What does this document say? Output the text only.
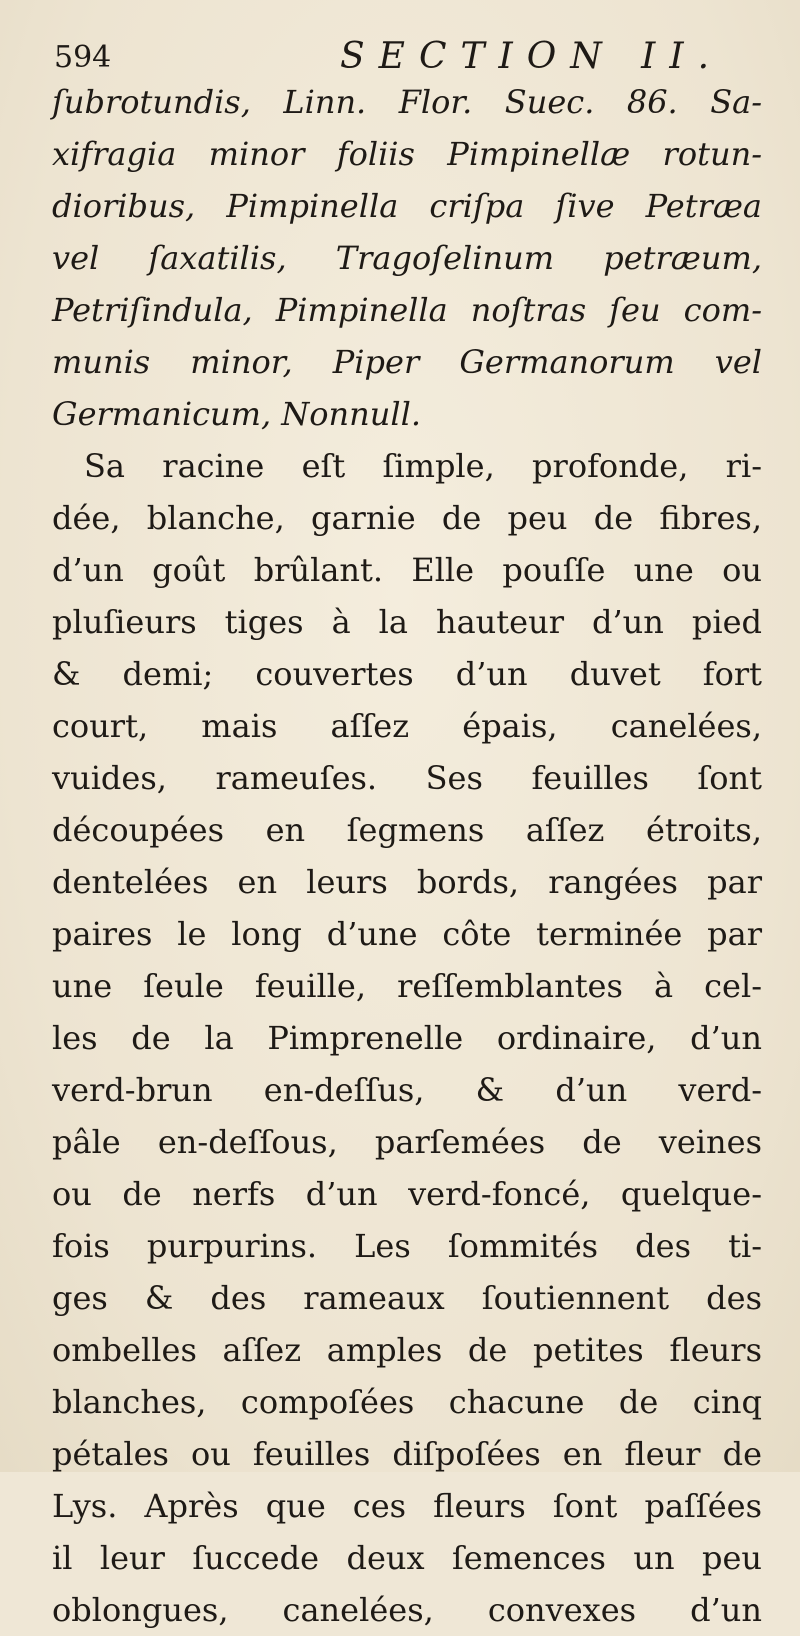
594	SECTION II.
ſubrotundis, Linn. Flor. Suec. 86. Sa-
xifragia minor foliis Pimpinellæ rotun-
dioribus, Pimpinella criſpa ſive Petræa
vel ſaxatilis, Tragoſelinum petræum,
Petriſindula, Pimpinella noſtras ſeu com-
munis minor, Piper Germanorum vel
Germanicum, Nonnull.
Sa racine eſt ſimple, profonde, ri-
dée, blanche, garnie de peu de fibres,
d’un goût brûlant. Elle pouſſe une ou
pluſieurs tiges à la hauteur d’un pied
& demi; couvertes d’un duvet fort
court, mais aſſez épais, canelées,
vuides, rameuſes. Ses feuilles ſont
découpées en ſegmens aſſez étroits,
dentelées en leurs bords, rangées par
paires le long d’une côte terminée par
une ſeule feuille, reſſemblantes à cel-
les de la Pimprenelle ordinaire, d’un
verd-brun en-deſſus, & d’un verd-
pâle en-deſſous, parſemées de veines
ou de nerfs d’un verd-foncé, quelque-
fois purpurins. Les ſommités des ti-
ges & des rameaux ſoutiennent des
ombelles aſſez amples de petites fleurs
blanches, compoſées chacune de cinq
pétales ou feuilles diſpoſées en fleur de
Lys. Après que ces fleurs ſont paſſées
il leur ſuccede deux ſemences un peu
oblongues, canelées, convexes d’un
